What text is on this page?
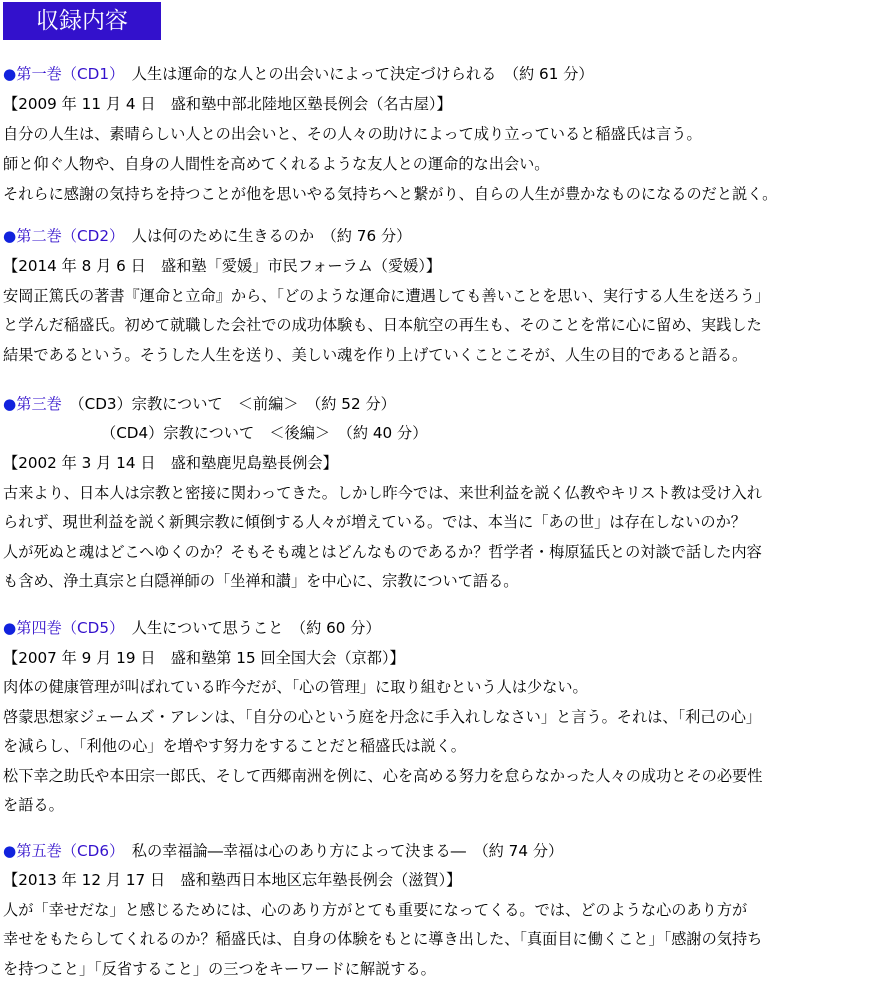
収録内容
●第一巻（CD1）　人生は運命的な人との出会いによって決定づけられる　（約 61 分）
【2009 年 11 月 4 日　盛和塾中部北陸地区塾長例会（名古屋）】
自分の人生は、素晴らしい人との出会いと、その人々の助けによって成り立っていると稲盛氏は言う。
師と仰ぐ人物や、自身の人間性を高めてくれるような友人との運命的な出会い。
それらに感謝の気持ちを持つことが他を思いやる気持ちへと繋がり、自らの人生が豊かなものになるのだと説く。
●第二巻（CD2）　人は何のために生きるのか　（約 76 分）
【2014 年 8 月 6 日　盛和塾「愛媛」市民フォーラム（愛媛）】
安岡正篤氏の著書『運命と立命』から、「どのような運命に遭遇しても善いことを思い、実行する人生を送ろう」
と学んだ稲盛氏。初めて就職した会社での成功体験も、日本航空の再生も、そのことを常に心に留め、実践した
結果であるという。そうした人生を送り、美しい魂を作り上げていくことこそが、人生の目的であると語る。
●第三巻　（CD3）宗教について　＜前編＞　（約 52 分）
（CD4）宗教について　＜後編＞　（約 40 分）
【2002 年 3 月 14 日　盛和塾鹿児島塾長例会】
古来より、日本人は宗教と密接に関わってきた。しかし昨今では、来世利益を説く仏教やキリスト教は受け入れ
られず、現世利益を説く新興宗教に傾倒する人々が増えている。では、本当に「あの世」は存在しないのか？
人が死ぬと魂はどこへゆくのか？そもそも魂とはどんなものであるか？哲学者・梅原猛氏との対談で話した内容
も含め、浄土真宗と白隠禅師の「坐禅和讃」を中心に、宗教について語る。
●第四巻（CD5）　人生について思うこと　（約 60 分）
【2007 年 9 月 19 日　盛和塾第 15 回全国大会（京都）】
肉体の健康管理が叫ばれている昨今だが、「心の管理」に取り組むという人は少ない。
啓蒙思想家ジェームズ・アレンは、「自分の心という庭を丹念に手入れしなさい」と言う。それは、「利己の心」
を減らし、「利他の心」を増やす努力をすることだと稲盛氏は説く。
松下幸之助氏や本田宗一郎氏、そして西郷南洲を例に、心を高める努力を怠らなかった人々の成功とその必要性
を語る。
●第五巻（CD6）　私の幸福論―幸福は心のあり方によって決まる―　（約 74 分）
【2013 年 12 月 17 日　盛和塾西日本地区忘年塾長例会（滋賀）】
人が「幸せだな」と感じるためには、心のあり方がとても重要になってくる。では、どのような心のあり方が
幸せをもたらしてくれるのか？稲盛氏は、自身の体験をもとに導き出した、「真面目に働くこと」「感謝の気持ち
を持つこと」「反省すること」の三つをキーワードに解説する。
